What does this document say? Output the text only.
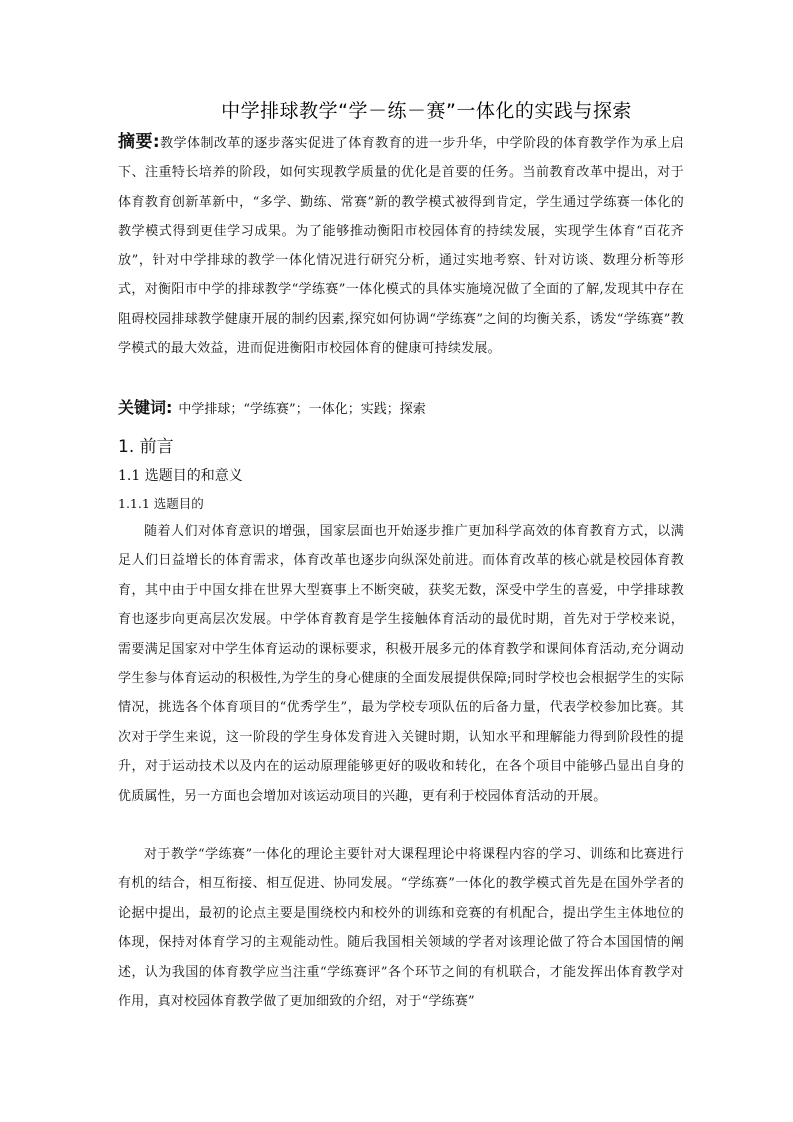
中学排球教学“学－练－赛”一体化的实践与探索
摘要:教学体制改革的逐步落实促进了体育教育的进一步升华，中学阶段的体育教学作为承上启下、注重特长培养的阶段，如何实现教学质量的优化是首要的任务。当前教育改革中提出，对于体育教育创新革新中，“多学、勤练、常赛”新的教学模式被得到肯定，学生通过学练赛一体化的教学模式得到更佳学习成果。为了能够推动衡阳市校园体育的持续发展，实现学生体育“百花齐放”，针对中学排球的教学一体化情况进行研究分析，通过实地考察、针对访谈、数理分析等形式，对衡阳市中学的排球教学“学练赛”一体化模式的具体实施境况做了全面的了解,发现其中存在阻碍校园排球教学健康开展的制约因素,探究如何协调“学练赛”之间的均衡关系，诱发“学练赛”教学模式的最大效益，进而促进衡阳市校园体育的健康可持续发展。
关键词: 中学排球；“学练赛”；一体化；实践；探索
1. 前言
1.1 选题目的和意义
1.1.1 选题目的

随着人们对体育意识的增强，国家层面也开始逐步推广更加科学高效的体育教育方式，以满足人们日益增长的体育需求，体育改革也逐步向纵深处前进。而体育改革的核心就是校园体育教育，其中由于中国女排在世界大型赛事上不断突破，获奖无数，深受中学生的喜爱，中学排球教育也逐步向更高层次发展。中学体育教育是学生接触体育活动的最优时期，首先对于学校来说，需要满足国家对中学生体育运动的课标要求，积极开展多元的体育教学和课间体育活动,充分调动学生参与体育运动的积极性,为学生的身心健康的全面发展提供保障;同时学校也会根据学生的实际情况，挑选各个体育项目的“优秀学生”，最为学校专项队伍的后备力量，代表学校参加比赛。其次对于学生来说，这一阶段的学生身体发育进入关键时期，认知水平和理解能力得到阶段性的提升，对于运动技术以及内在的运动原理能够更好的吸收和转化，在各个项目中能够凸显出自身的优质属性，另一方面也会增加对该运动项目的兴趣，更有利于校园体育活动的开展。

对于教学“学练赛”一体化的理论主要针对大课程理论中将课程内容的学习、训练和比赛进行有机的结合，相互衔接、相互促进、协同发展。“学练赛”一体化的教学模式首先是在国外学者的论据中提出，最初的论点主要是围绕校内和校外的训练和竞赛的有机配合，提出学生主体地位的体现，保持对体育学习的主观能动性。随后我国相关领域的学者对该理论做了符合本国国情的阐述，认为我国的体育教学应当注重“学练赛评”各个环节之间的有机联合，才能发挥出体育教学对作用，真对校园体育教学做了更加细致的介绍，对于“学练赛”
